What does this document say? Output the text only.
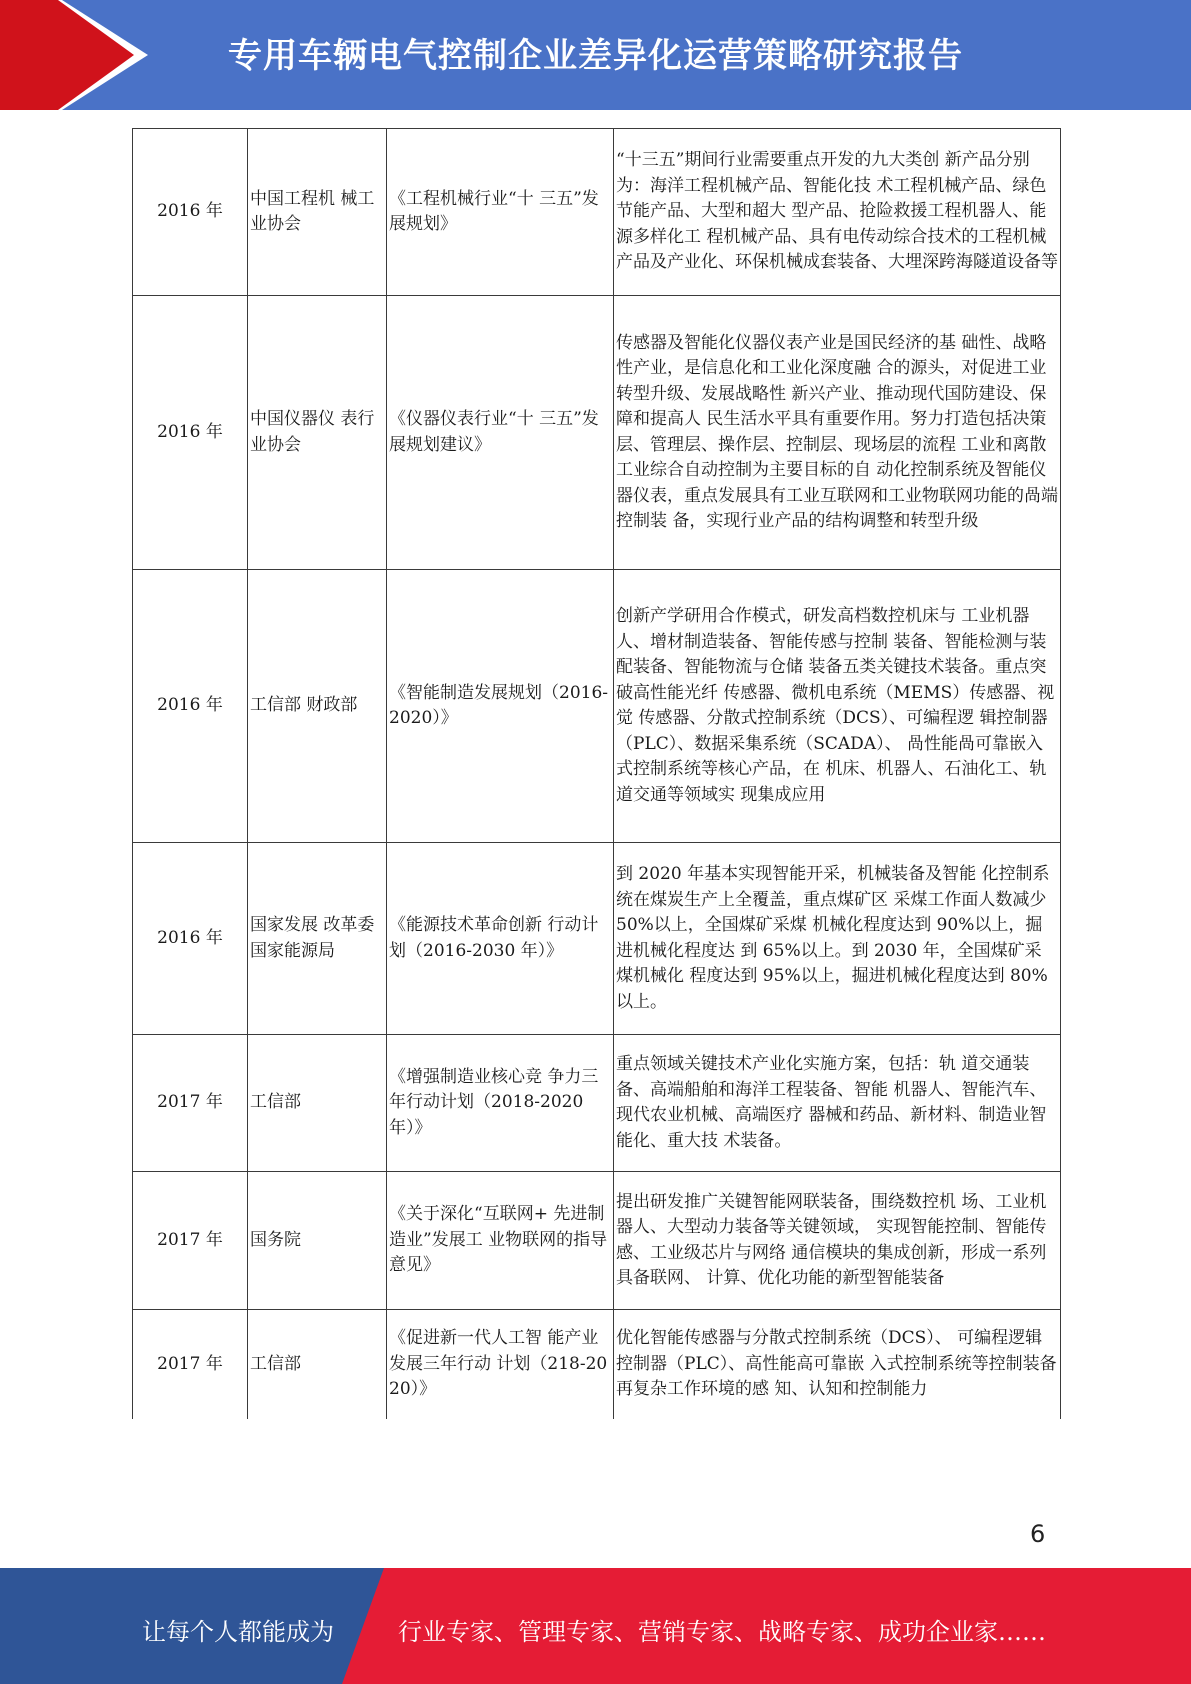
专用车辆电气控制企业差异化运营策略研究报告
2016 年	中国工程机 械工业协会	《工程机械行业“十 三五”发展规划》	“十三五”期间行业需要重点开发的九大类创 新产品分别为：海洋工程机械产品、智能化技 术工程机械产品、绿色节能产品、大型和超大 型产品、抢险救援工程机器人、能源多样化工 程机械产品、具有电传动综合技术的工程机械 产品及产业化、环保机械成套装备、大埋深跨海隧道设备等
2016 年	中国仪器仪 表行业协会	《仪器仪表行业“十 三五”发展规划建议》	传感器及智能化仪器仪表产业是国民经济的基 础性、战略性产业，是信息化和工业化深度融 合的源头，对促进工业转型升级、发展战略性 新兴产业、推动现代国防建设、保障和提高人 民生活水平具有重要作用。努力打造包括决策 层、管理层、操作层、控制层、现场层的流程 工业和离散工业综合自动控制为主要目标的自 动化控制系统及智能仪器仪表，重点发展具有工业互联网和工业物联网功能的咼端控制装 备，实现行业产品的结构调整和转型升级
2016 年	工信部 财政部	《智能制造发展规划（2016-2020）》	创新产学研用合作模式，研发高档数控机床与 工业机器人、增材制造装备、智能传感与控制 装备、智能检测与装配装备、智能物流与仓储 装备五类关键技术装备。重点突破高性能光纤 传感器、微机电系统（MEMS）传感器、视觉 传感器、分散式控制系统（DCS）、可编程逻 辑控制器（PLC）、数据采集系统（SCADA）、 咼性能咼可靠嵌入式控制系统等核心产品，在 机床、机器人、石油化工、轨道交通等领域实 现集成应用
2016 年	国家发展 改革委 国家能源局	《能源技术革命创新 行动计划（2016-2030 年）》	到 2020 年基本实现智能开采，机械装备及智能 化控制系统在煤炭生产上全覆盖，重点煤矿区 采煤工作面人数减少 50%以上，全国煤矿采煤 机械化程度达到 90%以上，掘进机械化程度达 到 65%以上。到 2030 年，全国煤矿采煤机械化 程度达到 95%以上，掘进机械化程度达到 80% 以上。
2017 年	工信部	《增强制造业核心竞 争力三年行动计划（2018-2020 年）》	重点领域关键技术产业化实施方案，包括：轨 道交通装备、高端船舶和海洋工程装备、智能 机器人、智能汽车、现代农业机械、高端医疗 器械和药品、新材料、制造业智能化、重大技 术装备。
2017 年	国务院	《关于深化“互联网+ 先进制造业”发展工 业物联网的指导意见》	提出研发推广关键智能网联装备，围绕数控机 场、工业机器人、大型动力装备等关键领域， 实现智能控制、智能传感、工业级芯片与网络 通信模块的集成创新，形成一系列具备联网、 计算、优化功能的新型智能装备
2017 年	工信部	《促进新一代人工智 能产业发展三年行动 计划（218-2020）》	优化智能传感器与分散式控制系统（DCS）、 可编程逻辑控制器（PLC）、高性能高可靠嵌 入式控制系统等控制装备再复杂工作环境的感 知、认知和控制能力
6
让每个人都能成为	行业专家、管理专家、营销专家、战略专家、成功企业家……
